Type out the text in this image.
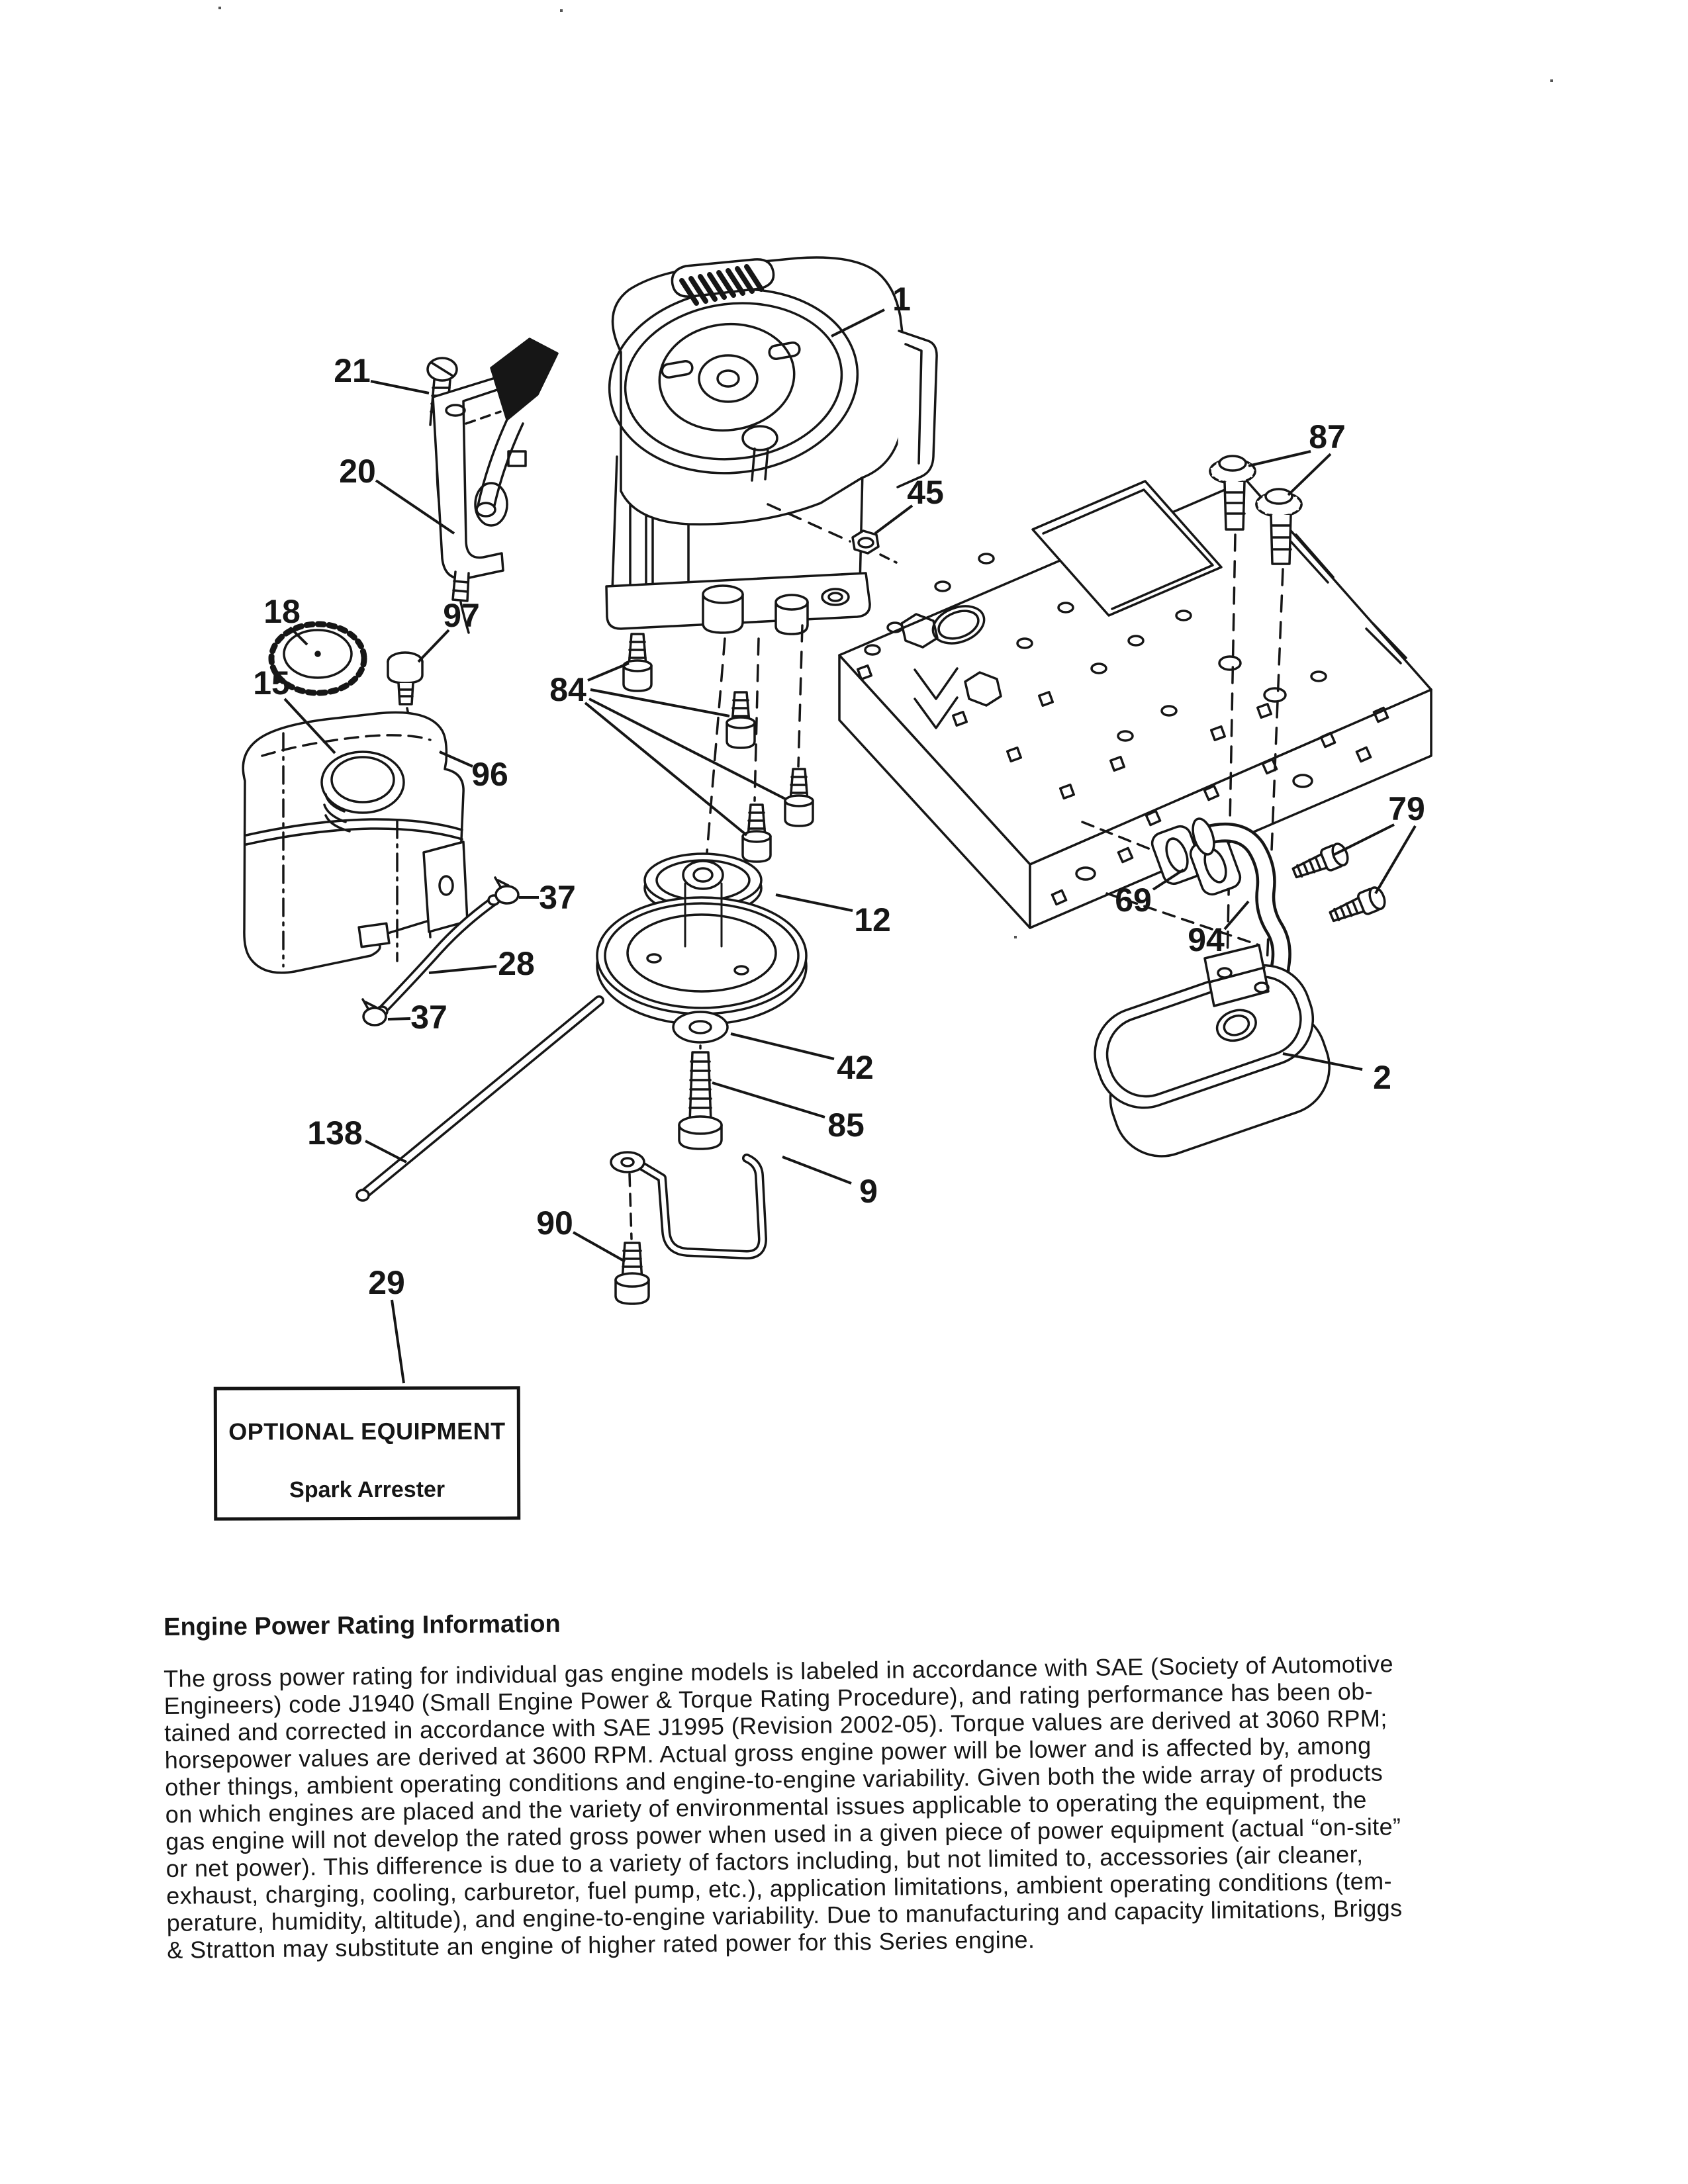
1
21
20
18	97
15	84
96
37
28
37
12
42
85
9
90
29
138
45
87
79
69
94
2
OPTIONAL EQUIPMENT
Spark Arrester
Engine Power Rating Information
The gross power rating for individual gas engine models is labeled in accordance with SAE (Society of Automotive
Engineers) code J1940 (Small Engine Power & Torque Rating Procedure), and rating performance has been ob-
tained and corrected in accordance with SAE J1995 (Revision 2002-05). Torque values are derived at 3060 RPM;
horsepower values are derived at 3600 RPM. Actual gross engine power will be lower and is affected by, among
other things, ambient operating conditions and engine-to-engine variability. Given both the wide array of products
on which engines are placed and the variety of environmental issues applicable to operating the equipment, the
gas engine will not develop the rated gross power when used in a given piece of power equipment (actual “on-site”
or net power). This difference is due to a variety of factors including, but not limited to, accessories (air cleaner,
exhaust, charging, cooling, carburetor, fuel pump, etc.), application limitations, ambient operating conditions (tem-
perature, humidity, altitude), and engine-to-engine variability. Due to manufacturing and capacity limitations, Briggs
& Stratton may substitute an engine of higher rated power for this Series engine.
